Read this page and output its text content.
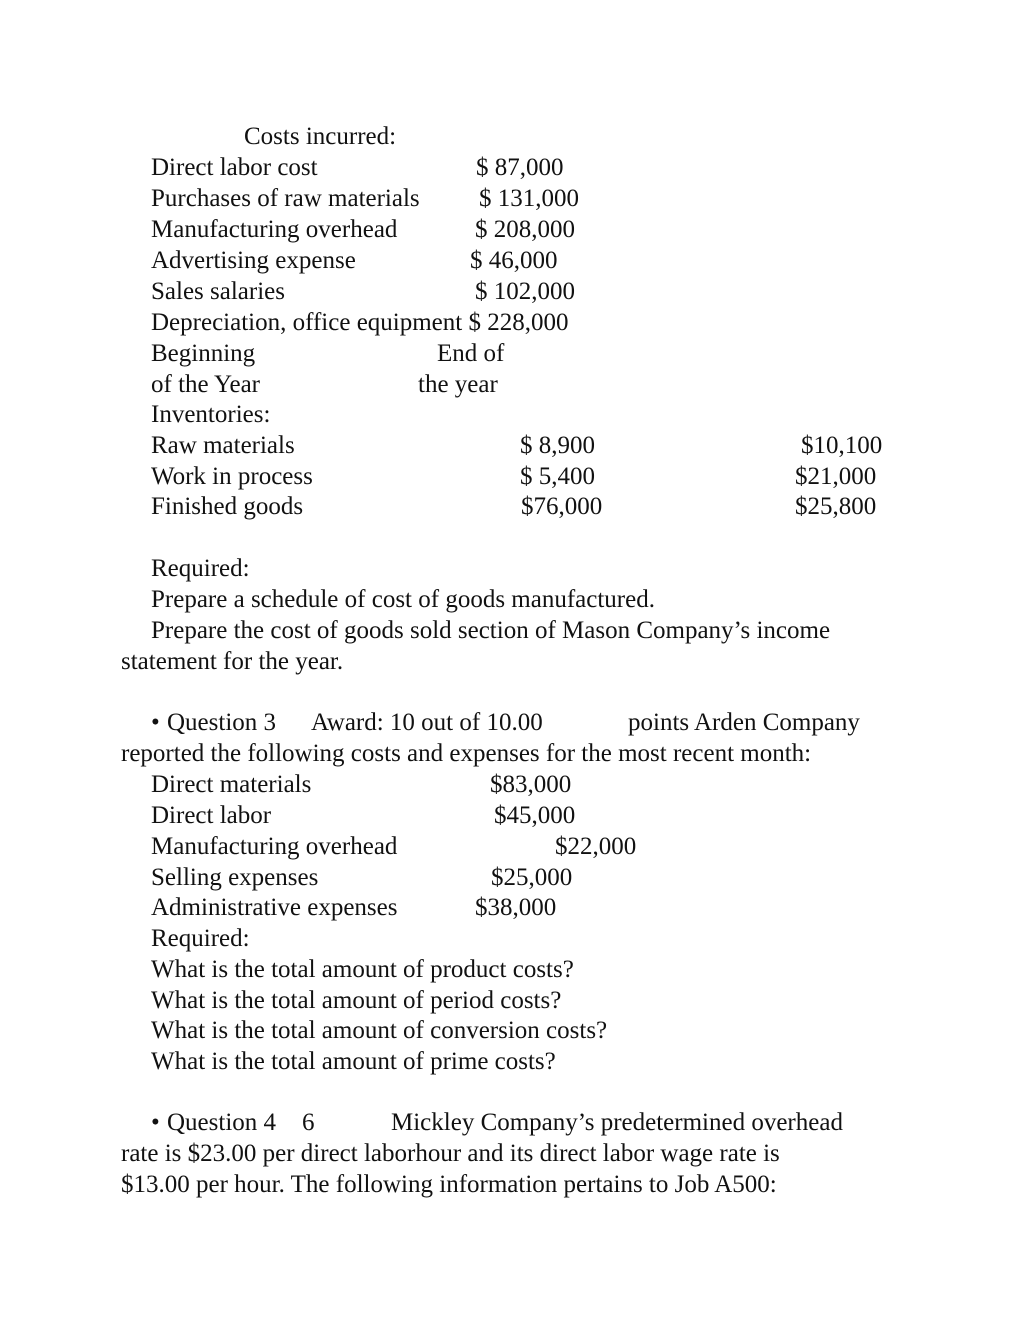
Costs incurred:
Direct labor cost	$ 87,000
Purchases of raw materials $ 131,000
Manufacturing overhead	$ 208,000
Advertising expense	$ 46,000
Sales salaries	$ 102,000
Depreciation, office equipment $ 228,000
Beginning	End of
of the Year	the year
Inventories:
Raw materials	$ 8,900	$10,100
Work in process	$ 5,400	$21,000
Finished goods	$76,000	$25,800
Required:
Prepare a schedule of cost of goods manufactured.
Prepare the cost of goods sold section of Mason Company’s income
statement for the year.
• Question 3 Award: 10 out of 10.00	points Arden Company
reported the following costs and expenses for the most recent month:
Direct materials	$83,000
Direct labor	$45,000
Manufacturing overhead	$22,000
Selling expenses	$25,000
Administrative expenses	$38,000
Required:
What is the total amount of product costs?
What is the total amount of period costs?
What is the total amount of conversion costs?
What is the total amount of prime costs?
• Question 4 6	Mickley Company’s predetermined overhead
rate is $23.00 per direct laborhour and its direct labor wage rate is
$13.00 per hour. The following information pertains to Job A500:
